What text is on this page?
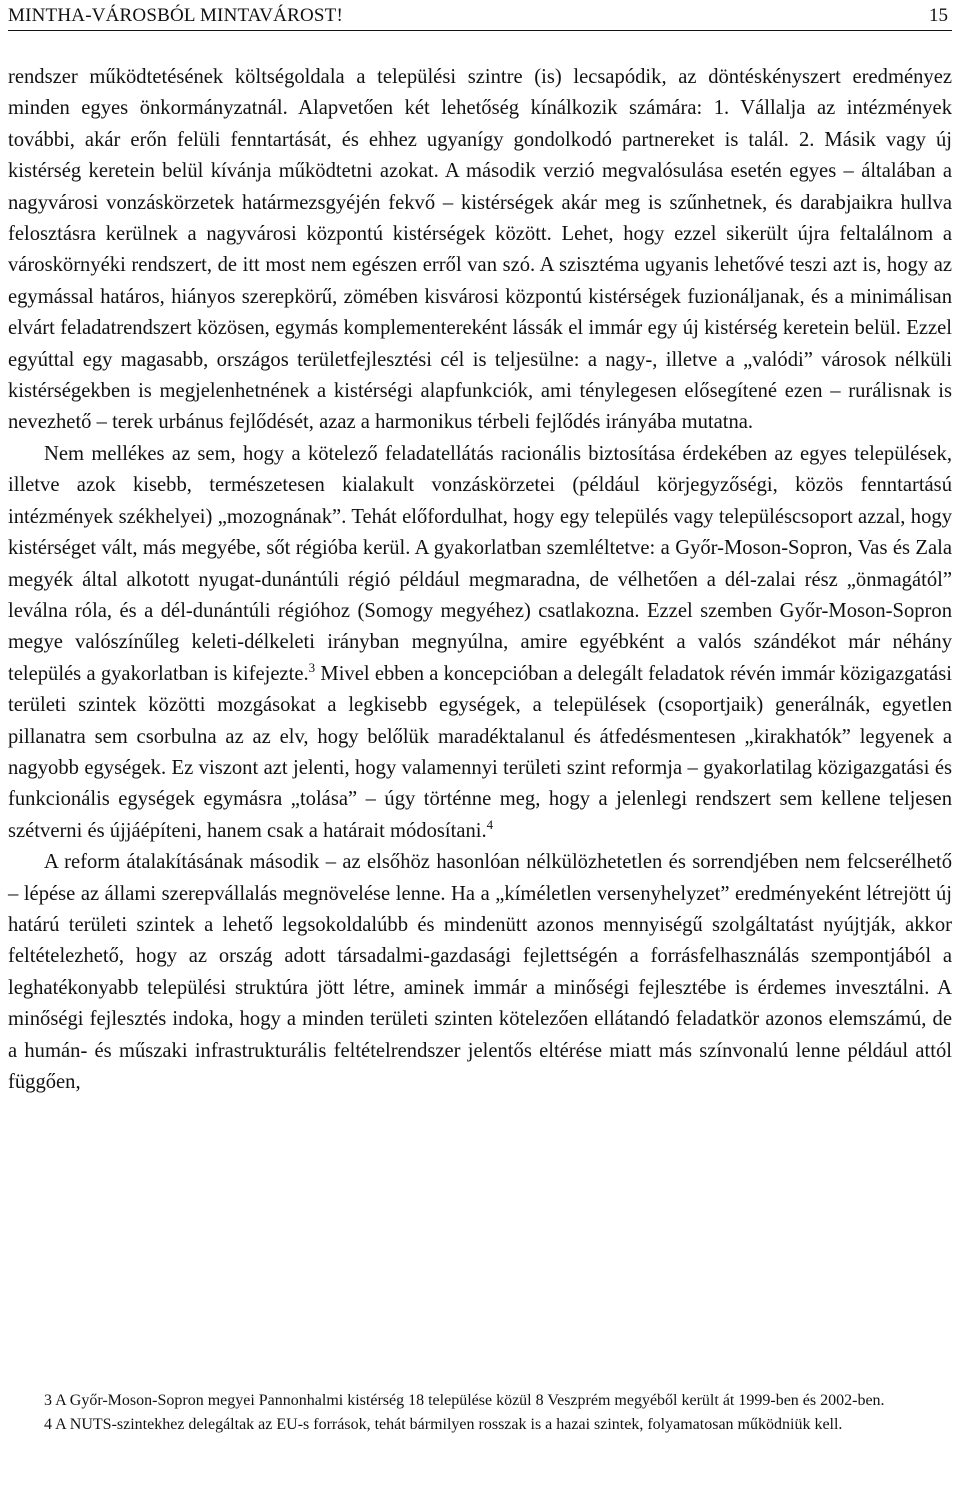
MINTHA-VÁROSBÓL MINTAVÁROST!	15

rendszer működtetésének költségoldala a települési szintre (is) lecsapódik, az döntéskényszert eredményez minden egyes önkormányzatnál. Alapvetően két lehetőség kínálkozik számára: 1. Vállalja az intézmények további, akár erőn felüli fenntartását, és ehhez ugyanígy gondolkodó partnereket is talál. 2. Másik vagy új kistérség keretein belül kívánja működtetni azokat. A második verzió megvalósulása esetén egyes – általában a nagyvárosi vonzáskörzetek határmezsgyéjén fekvő – kistérségek akár meg is szűnhetnek, és darabjaikra hullva felosztásra kerülnek a nagyvárosi központú kistérségek között. Lehet, hogy ezzel sikerült újra feltalálnom a városkörnyéki rendszert, de itt most nem egészen erről van szó. A szisztéma ugyanis lehetővé teszi azt is, hogy az egymással határos, hiányos szerepkörű, zömében kisvárosi központú kistérségek fuzionáljanak, és a minimálisan elvárt feladatrendszert közösen, egymás komplementereként lássák el immár egy új kistérség keretein belül. Ezzel egyúttal egy magasabb, országos területfejlesztési cél is teljesülne: a nagy-, illetve a „valódi” városok nélküli kistérségekben is megjelenhetnének a kistérségi alapfunkciók, ami ténylegesen elősegítené ezen – rurálisnak is nevezhető – terek urbánus fejlődését, azaz a harmonikus térbeli fejlődés irányába mutatna.

Nem mellékes az sem, hogy a kötelező feladatellátás racionális biztosítása érdekében az egyes települések, illetve azok kisebb, természetesen kialakult vonzáskörzetei (például körjegyzőségi, közös fenntartású intézmények székhelyei) „mozognának”. Tehát előfordulhat, hogy egy település vagy településcsoport azzal, hogy kistérséget vált, más megyébe, sőt régióba kerül. A gyakorlatban szemléltetve: a Győr-Moson-Sopron, Vas és Zala megyék által alkotott nyugat-dunántúli régió például megmaradna, de vélhetően a dél-zalai rész „önmagától” leválna róla, és a dél-dunántúli régióhoz (Somogy megyéhez) csatlakozna. Ezzel szemben Győr-Moson-Sopron megye valószínűleg keleti-délkeleti irányban megnyúlna, amire egyébként a valós szándékot már néhány település a gyakorlatban is kifejezte.$^3$ Mivel ebben a koncepcióban a delegált feladatok révén immár közigazgatási területi szintek közötti mozgásokat a legkisebb egységek, a települések (csoportjaik) generálnák, egyetlen pillanatra sem csorbulna az az elv, hogy belőlük maradéktalanul és átfedésmentesen „kirakhatók” legyenek a nagyobb egységek. Ez viszont azt jelenti, hogy valamennyi területi szint reformja – gyakorlatilag közigazgatási és funkcionális egységek egymásra „tolása” – úgy történne meg, hogy a jelenlegi rendszert sem kellene teljesen szétverni és újjáépíteni, hanem csak a határait módosítani.$^4$

A reform átalakításának második – az elsőhöz hasonlóan nélkülözhetetlen és sorrendjében nem felcserélhető – lépése az állami szerepvállalás megnövelése lenne. Ha a „kíméletlen versenyhelyzet” eredményeként létrejött új határú területi szintek a lehető legsokoldalúbb és mindenütt azonos mennyiségű szolgáltatást nyújtják, akkor feltételezhető, hogy az ország adott társadalmi-gazdasági fejlettségén a forrásfelhasználás szempontjából a leghatékonyabb települési struktúra jött létre, aminek immár a minőségi fejlesztébe is érdemes invesztálni. A minőségi fejlesztés indoka, hogy a minden területi szinten kötelezően ellátandó feladatkör azonos elemszámú, de a humán- és műszaki infrastrukturális feltételrendszer jelentős eltérése miatt más színvonalú lenne például attól függően,

3 A Győr-Moson-Sopron megyei Pannonhalmi kistérség 18 települése közül 8 Veszprém megyéből került át 1999-ben és 2002-ben.

4 A NUTS-szintekhez delegáltak az EU-s források, tehát bármilyen rosszak is a hazai szintek, folyamatosan működniük kell.
